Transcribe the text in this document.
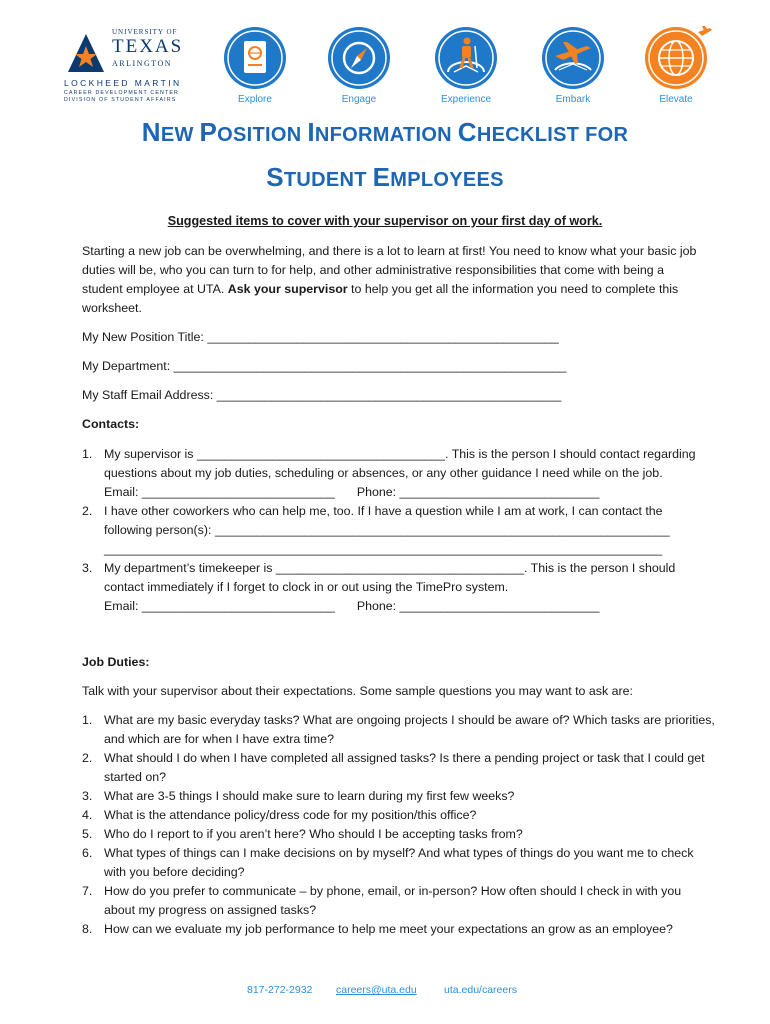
UNIVERSITY OF
TEXAS
ARLINGTON
LOCKHEED MARTIN
CAREER DEVELOPMENT CENTER
DIVISION OF STUDENT AFFAIRS	Explore	Engage	Experience	Embark	Elevate
NEW POSITION INFORMATION CHECKLIST FOR
STUDENT EMPLOYEES
Suggested items to cover with your supervisor on your first day of work.
Starting a new job can be overwhelming, and there is a lot to learn at first! You need to know what your basic job
duties will be, who you can turn to for help, and other administrative responsibilities that come with being a
student employee at UTA. Ask your supervisor to help you get all the information you need to complete this
worksheet.
My New Position Title: ___________________________________________________
My Department: _________________________________________________________
My Staff Email Address: __________________________________________________
Contacts:
1. My supervisor is ____________________________________. This is the person I should contact regarding
questions about my job duties, scheduling or absences, or any other guidance I need while on the job.
Email: ____________________________ Phone: _____________________________
2. I have other coworkers who can help me, too. If I have a question while I am at work, I can contact the
following person(s): __________________________________________________________________
_________________________________________________________________________________
3. My department’s timekeeper is ____________________________________. This is the person I should
contact immediately if I forget to clock in or out using the TimePro system.
Email: ____________________________ Phone: _____________________________
Job Duties:
Talk with your supervisor about their expectations. Some sample questions you may want to ask are:
1. What are my basic everyday tasks? What are ongoing projects I should be aware of? Which tasks are priorities,
and which are for when I have extra time?
2. What should I do when I have completed all assigned tasks? Is there a pending project or task that I could get
started on?
3. What are 3-5 things I should make sure to learn during my first few weeks?
4. What is the attendance policy/dress code for my position/this office?
5. Who do I report to if you aren’t here? Who should I be accepting tasks from?
6. What types of things can I make decisions on by myself? And what types of things do you want me to check
with you before deciding?
7. How do you prefer to communicate – by phone, email, or in-person? How often should I check in with you
about my progress on assigned tasks?
8. How can we evaluate my job performance to help me meet your expectations an grow as an employee?
817-272-2932 careers@uta.edu	uta.edu/careers
